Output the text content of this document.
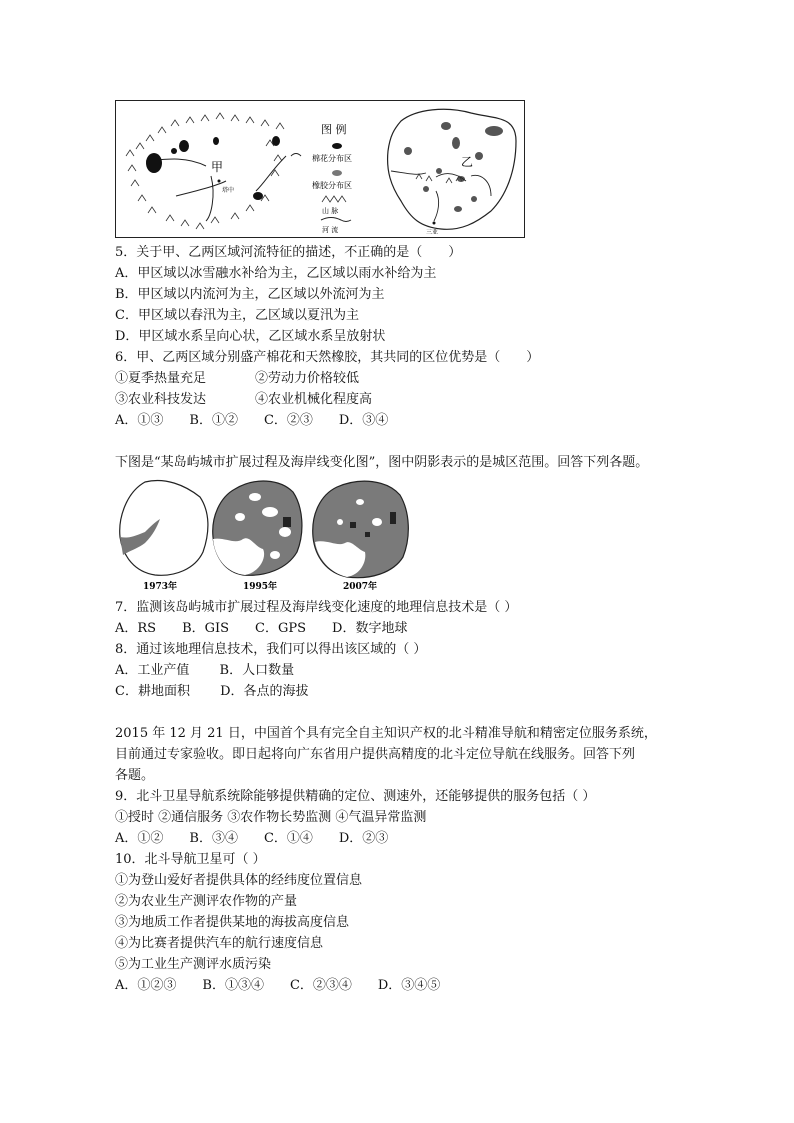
甲
塔中
图 例
棉花分布区
橡胶分布区
山 脉
河 流
乙
三亚
5．关于甲、乙两区域河流特征的描述，不正确的是（　　）
A．甲区域以冰雪融水补给为主，乙区域以雨水补给为主
B．甲区域以内流河为主，乙区域以外流河为主
C．甲区域以春汛为主，乙区域以夏汛为主
D．甲区域水系呈向心状，乙区域水系呈放射状
6．甲、乙两区域分别盛产棉花和天然橡胶，其共同的区位优势是（　　）
①夏季热量充足	②劳动力价格较低
③农业科技发达	④农业机械化程度高
A．①③　　B．①②　　C．②③　　D．③④
下图是“某岛屿城市扩展过程及海岸线变化图”，图中阴影表示的是城区范围。回答下列各题。
1973年	1995年	2007年
7．监测该岛屿城市扩展过程及海岸线变化速度的地理信息技术是（ ）
A．RS　　B．GIS　　C．GPS　　D．数字地球
8．通过该地理信息技术，我们可以得出该区域的（ ）
A．工业产值　　 B．人口数量
C．耕地面积　　 D．各点的海拔
2015 年 12 月 21 日，中国首个具有完全自主知识产权的北斗精准导航和精密定位服务系统，
目前通过专家验收。即日起将向广东省用户提供高精度的北斗定位导航在线服务。回答下列
各题。
9．北斗卫星导航系统除能够提供精确的定位、测速外，还能够提供的服务包括（ ）
①授时 ②通信服务 ③农作物长势监测 ④气温异常监测
A．①②　　B．③④　　C．①④　　D．②③
10．北斗导航卫星可（ ）
①为登山爱好者提供具体的经纬度位置信息
②为农业生产测评农作物的产量
③为地质工作者提供某地的海拔高度信息
④为比赛者提供汽车的航行速度信息
⑤为工业生产测评水质污染
A．①②③　　B．①③④　　C．②③④　　D．③④⑤
